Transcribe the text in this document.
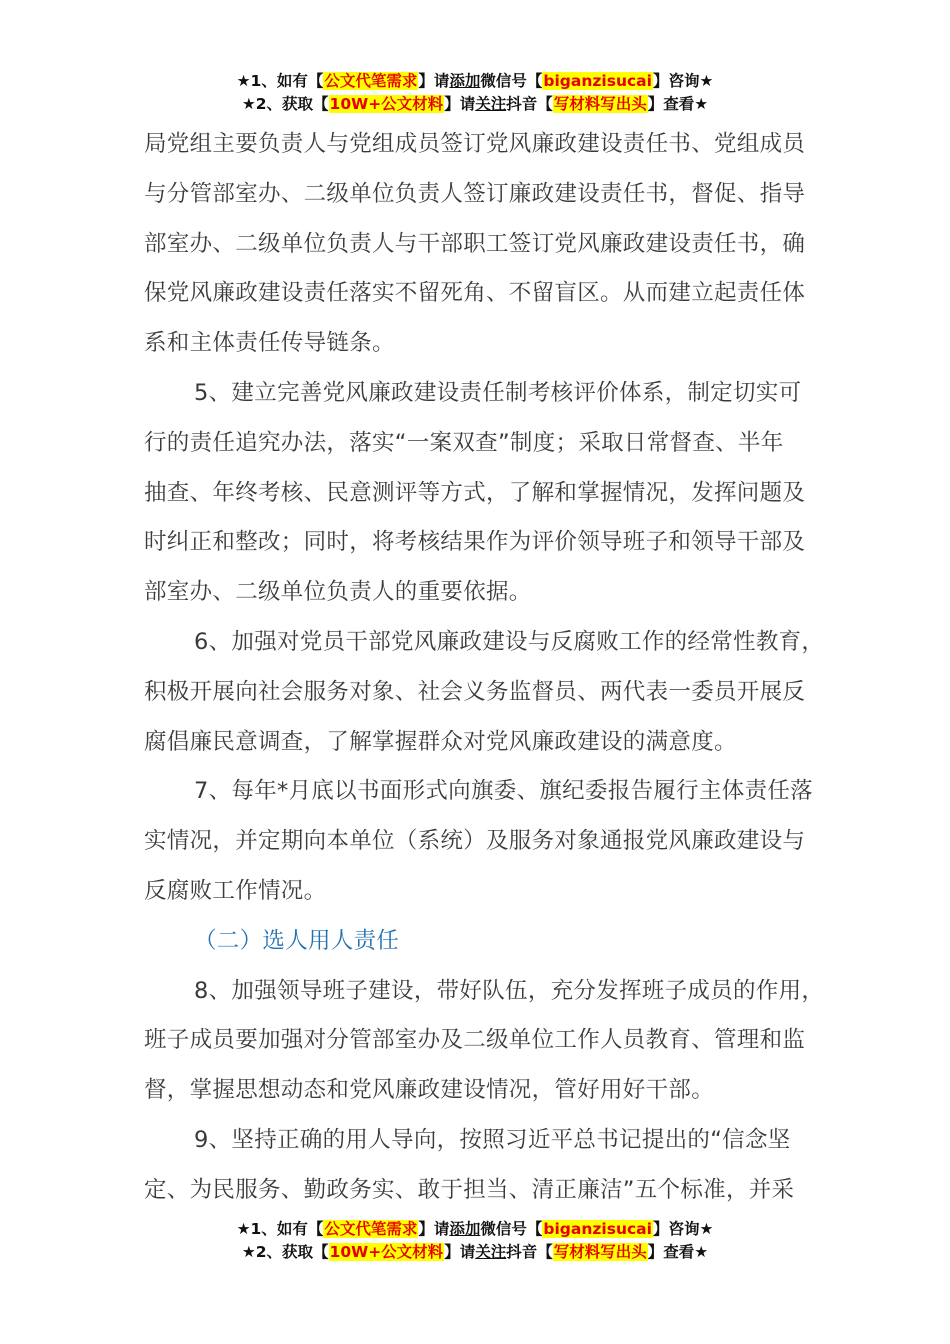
★1、如有【公文代笔需求】请添加微信号【biganzisucai】咨询★
★2、获取【10W+公文材料】请关注抖音【写材料写出头】查看★
局党组主要负责人与党组成员签订党风廉政建设责任书、党组成员
与分管部室办、二级单位负责人签订廉政建设责任书，督促、指导
部室办、二级单位负责人与干部职工签订党风廉政建设责任书，确
保党风廉政建设责任落实不留死角、不留盲区。从而建立起责任体
系和主体责任传导链条。
5、建立完善党风廉政建设责任制考核评价体系，制定切实可
行的责任追究办法，落实“一案双查”制度；采取日常督查、半年
抽查、年终考核、民意测评等方式，了解和掌握情况，发挥问题及
时纠正和整改；同时，将考核结果作为评价领导班子和领导干部及
部室办、二级单位负责人的重要依据。
6、加强对党员干部党风廉政建设与反腐败工作的经常性教育，
积极开展向社会服务对象、社会义务监督员、两代表一委员开展反
腐倡廉民意调查，了解掌握群众对党风廉政建设的满意度。
7、每年*月底以书面形式向旗委、旗纪委报告履行主体责任落
实情况，并定期向本单位（系统）及服务对象通报党风廉政建设与
反腐败工作情况。
（二）选人用人责任
8、加强领导班子建设，带好队伍，充分发挥班子成员的作用，
班子成员要加强对分管部室办及二级单位工作人员教育、管理和监
督，掌握思想动态和党风廉政建设情况，管好用好干部。
9、坚持正确的用人导向，按照习近平总书记提出的“信念坚
定、为民服务、勤政务实、敢于担当、清正廉洁”五个标准，并采
★1、如有【公文代笔需求】请添加微信号【biganzisucai】咨询★
★2、获取【10W+公文材料】请关注抖音【写材料写出头】查看★
